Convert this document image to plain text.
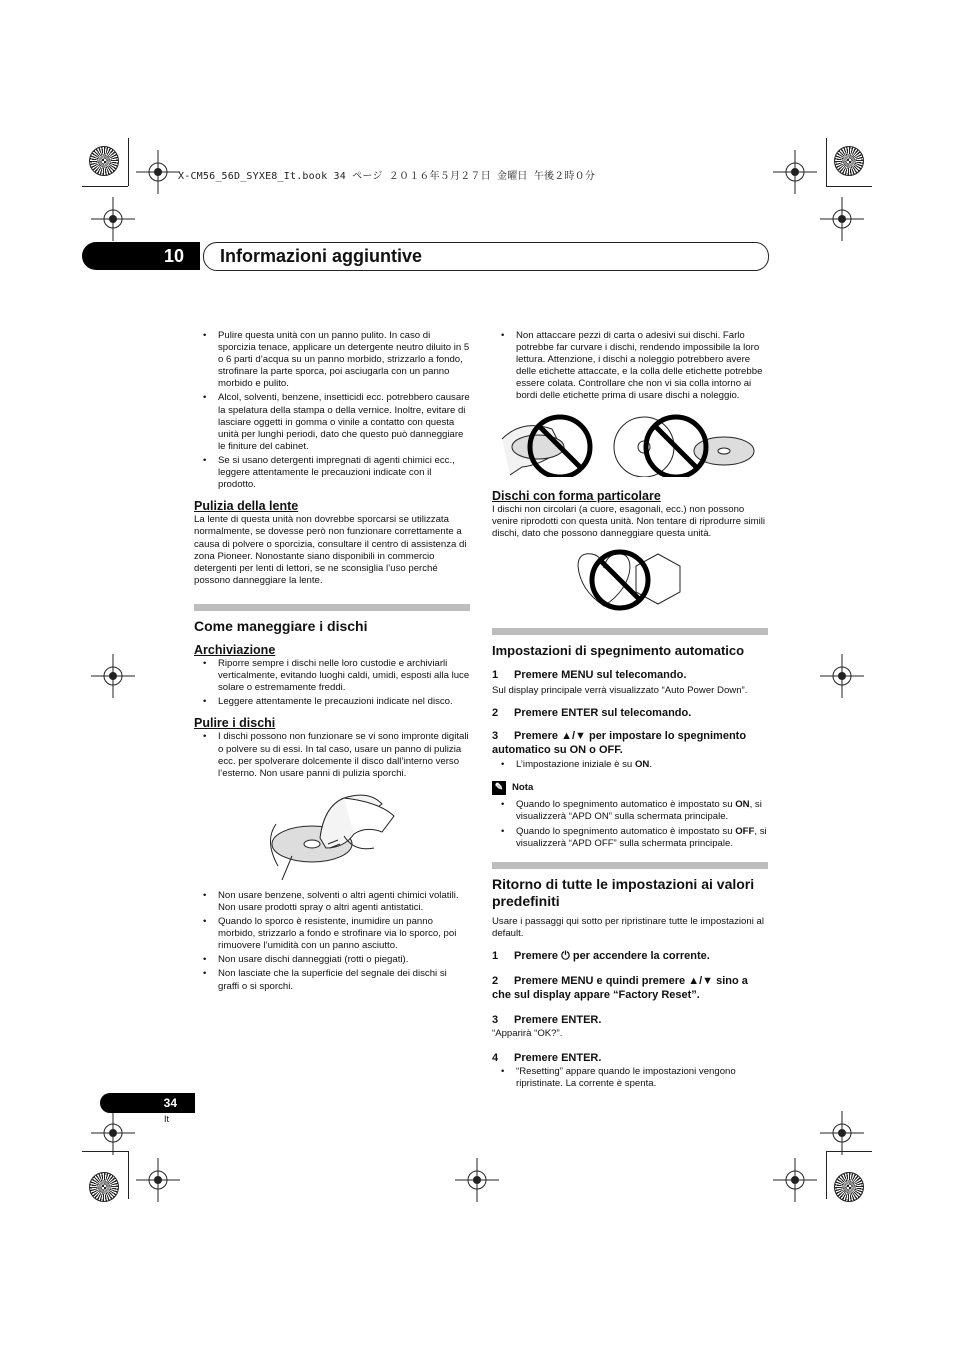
X-CM56_56D_SYXE8_It.book 34 ページ ２０１６年５月２７日 金曜日 午後２時０分
10	Informazioni aggiuntive
• Pulire questa unità con un panno pulito. In caso di sporcizia tenace, applicare un detergente neutro diluito in 5 o 6 parti d’acqua su un panno morbido, strizzarlo a fondo, strofinare la parte sporca, poi asciugarla con un panno morbido e pulito.
• Alcol, solventi, benzene, insetticidi ecc. potrebbero causare la spelatura della stampa o della vernice. Inoltre, evitare di lasciare oggetti in gomma o vinile a contatto con questa unità per lunghi periodi, dato che questo può danneggiare le finiture del cabinet.
• Se si usano detergenti impregnati di agenti chimici ecc., leggere attentamente le precauzioni indicate con il prodotto.
Pulizia della lente

La lente di questa unità non dovrebbe sporcarsi se utilizzata normalmente, se dovesse però non funzionare correttamente a causa di polvere o sporcizia, consultare il centro di assistenza di zona Pioneer. Nonostante siano disponibili in commercio detergenti per lenti di lettori, se ne sconsiglia l’uso perché possono danneggiare la lente.

Come maneggiare i dischi
Archiviazione
• Riporre sempre i dischi nelle loro custodie e archiviarli verticalmente, evitando luoghi caldi, umidi, esposti alla luce solare o estremamente freddi.
• Leggere attentamente le precauzioni indicate nel disco.
Pulire i dischi
• I dischi possono non funzionare se vi sono impronte digitali o polvere su di essi. In tal caso, usare un panno di pulizia ecc. per spolverare dolcemente il disco dall’interno verso l’esterno. Non usare panni di pulizia sporchi.
• Non usare benzene, solventi o altri agenti chimici volatili. Non usare prodotti spray o altri agenti antistatici.
• Quando lo sporco è resistente, inumidire un panno morbido, strizzarlo a fondo e strofinare via lo sporco, poi rimuovere l’umidità con un panno asciutto.
• Non usare dischi danneggiati (rotti o piegati).
• Non lasciate che la superficie del segnale dei dischi si graffi o si sporchi.
• Non attaccare pezzi di carta o adesivi sui dischi. Farlo potrebbe far curvare i dischi, rendendo impossibile la loro lettura. Attenzione, i dischi a noleggio potrebbero avere delle etichette attaccate, e la colla delle etichette potrebbe essere colata. Controllare che non vi sia colla intorno ai bordi delle etichette prima di usare dischi a noleggio.
Dischi con forma particolare

I dischi non circolari (a cuore, esagonali, ecc.) non possono venire riprodotti con questa unità. Non tentare di riprodurre simili dischi, dato che possono danneggiare questa unità.

Impostazioni di spegnimento automatico
1 Premere MENU sul telecomando.
Sul display principale verrà visualizzato “Auto Power Down”.
2 Premere ENTER sul telecomando.
3 Premere ▲/▼ per impostare lo spegnimento automatico su ON o OFF.
• L’impostazione iniziale è su ON.
✎ Nota
• Quando lo spegnimento automatico è impostato su ON, si visualizzerà “APD ON” sulla schermata principale.
• Quando lo spegnimento automatico è impostato su OFF, si visualizzerà “APD OFF” sulla schermata principale.
Ritorno di tutte le impostazioni ai valori predefiniti

Usare i passaggi qui sotto per ripristinare tutte le impostazioni al default.

1 Premere ⏻ per accendere la corrente.
2 Premere MENU e quindi premere ▲/▼ sino a che sul display appare “Factory Reset”.
3 Premere ENTER.
“Apparirà “OK?”.
4 Premere ENTER.
• “Resetting” appare quando le impostazioni vengono ripristinate. La corrente è spenta.
34
It
